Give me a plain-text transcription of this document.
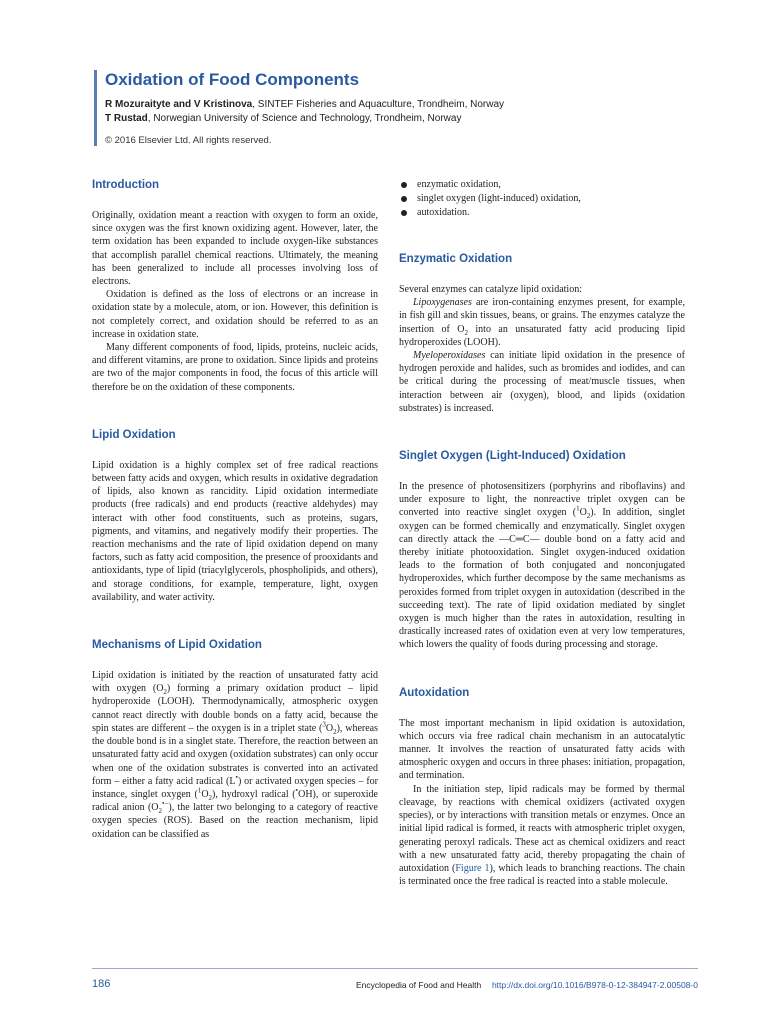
Oxidation of Food Components
R Mozuraityte and V Kristinova, SINTEF Fisheries and Aquaculture, Trondheim, Norway
T Rustad, Norwegian University of Science and Technology, Trondheim, Norway
© 2016 Elsevier Ltd. All rights reserved.
Introduction

Originally, oxidation meant a reaction with oxygen to form an oxide, since oxygen was the first known oxidizing agent. However, later, the term oxidation has been expanded to include oxygen-like substances that accomplish parallel chemical reactions. Ultimately, the meaning has been generalized to include all processes involving loss of electrons.

Oxidation is defined as the loss of electrons or an increase in oxidation state by a molecule, atom, or ion. However, this definition is not completely correct, and oxidation should be referred to as an increase in oxidation state.

Many different components of food, lipids, proteins, nucleic acids, and different vitamins, are prone to oxidation. Since lipids and proteins are two of the major components in food, the focus of this article will therefore be on the oxidation of these components.

Lipid Oxidation

Lipid oxidation is a highly complex set of free radical reactions between fatty acids and oxygen, which results in oxidative degradation of lipids, also known as rancidity. Lipid oxidation intermediate products (free radicals) and end products (reactive aldehydes) may interact with other food constituents, such as proteins, sugars, pigments, and vitamins, and negatively modify their properties. The reaction mechanisms and the rate of lipid oxidation depend on many factors, such as fatty acid composition, the presence of prooxidants and antioxidants, type of lipid (triacylglycerols, phospholipids, and others), and storage conditions, for example, temperature, light, oxygen availability, and water activity.

Mechanisms of Lipid Oxidation

Lipid oxidation is initiated by the reaction of unsaturated fatty acid with oxygen $(O_2)$ forming a primary oxidation product – lipid hydroperoxide (LOOH). Thermodynamically, atmospheric oxygen cannot react directly with double bonds on a fatty acid, because the spin states are different – the oxygen is in a triplet state $(^3O_2)$, whereas the double bond is in a singlet state. Therefore, the reaction between an unsaturated fatty acid and oxygen (oxidation substrates) can only occur when one of the oxidation substrates is converted into an activated form – either a fatty acid radical (L•) or activated oxygen species – for instance, singlet oxygen $(^1O_2)$, hydroxyl radical (•OH), or superoxide radical anion $(O_2^{•-})$, the latter two belonging to a category of reactive oxygen species (ROS). Based on the reaction mechanism, lipid oxidation can be classified as

enzymatic oxidation,
singlet oxygen (light-induced) oxidation,
autoxidation.
Enzymatic Oxidation

Several enzymes can catalyze lipid oxidation:

Lipoxygenases are iron-containing enzymes present, for example, in fish gill and skin tissues, beans, or grains. The enzymes catalyze the insertion of $O_2$ into an unsaturated fatty acid producing lipid hydroperoxides (LOOH).

Myeloperoxidases can initiate lipid oxidation in the presence of hydrogen peroxide and halides, such as bromides and iodides, and can be critical during the processing of meat/muscle tissues, when interaction between air (oxygen), blood, and lipids (oxidation substrates) is increased.

Singlet Oxygen (Light-Induced) Oxidation

In the presence of photosensitizers (porphyrins and riboflavins) and under exposure to light, the nonreactive triplet oxygen can be converted into reactive singlet oxygen $(^1O_2)$. In addition, singlet oxygen can be formed chemically and enzymatically. Singlet oxygen can directly attack the —C═C— double bond on a fatty acid and thereby initiate photooxidation. Singlet oxygen-induced oxidation leads to the formation of both conjugated and nonconjugated hydroperoxides, which further decompose by the same mechanisms as peroxides formed from triplet oxygen in autoxidation (described in the succeeding text). The rate of lipid oxidation mediated by singlet oxygen is much higher than the rates in autoxidation, resulting in drastically increased rates of oxidation even at very low temperatures, which lowers the quality of foods during processing and storage.

Autoxidation

The most important mechanism in lipid oxidation is autoxidation, which occurs via free radical chain mechanism in an autocatalytic manner. It involves the reaction of unsaturated fatty acids with atmospheric oxygen and occurs in three phases: initiation, propagation, and termination.

In the initiation step, lipid radicals may be formed by thermal cleavage, by reactions with chemical oxidizers (activated oxygen species), or by interactions with transition metals or enzymes. Once an initial lipid radical is formed, it reacts with atmospheric triplet oxygen, generating peroxyl radicals. These act as chemical oxidizers and react with a new unsaturated fatty acid, thereby propagating the chain of autoxidation (Figure 1), which leads to branching reactions. The chain is terminated once the free radical is reacted into a stable molecule.

186	Encyclopedia of Food and Health http://dx.doi.org/10.1016/B978-0-12-384947-2.00508-0
